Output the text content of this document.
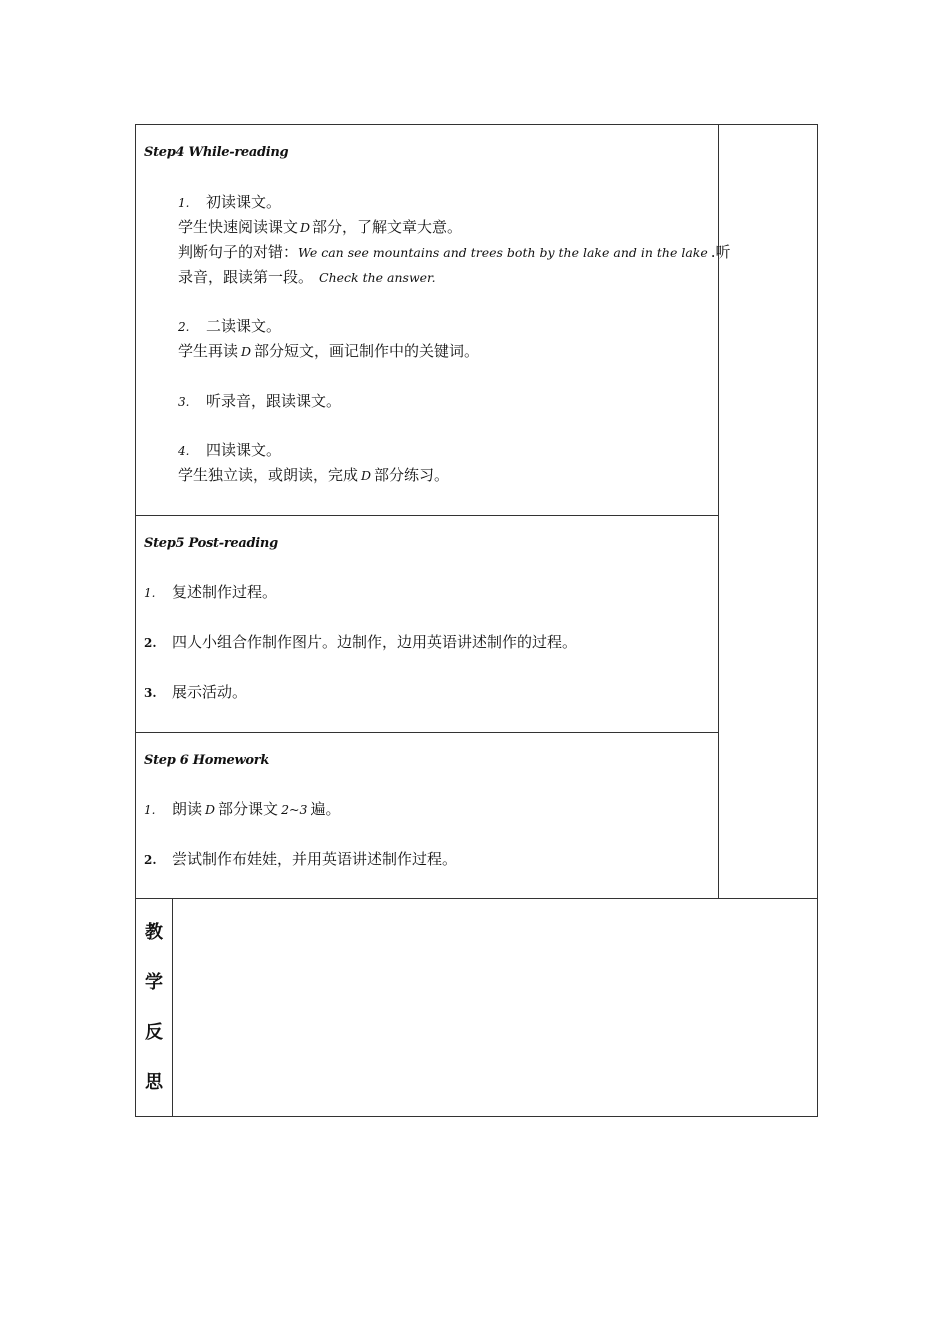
Step4 While-reading
1. 初读课文。
学生快速阅读课文 D 部分，了解文章大意。
判断句子的对错：We can see mountains and trees both by the lake and in the lake .听
录音，跟读第一段。 Check the answer.
2. 二读课文。
学生再读 D 部分短文，画记制作中的关键词。
3. 听录音，跟读课文。
4. 四读课文。
学生独立读，或朗读，完成 D 部分练习。
Step5 Post-reading
1. 复述制作过程。
2. 四人小组合作制作图片。边制作，边用英语讲述制作的过程。
3. 展示活动。
Step 6 Homework
1. 朗读 D 部分课文 2~3 遍。
2. 尝试制作布娃娃，并用英语讲述制作过程。
教
学
反
思
